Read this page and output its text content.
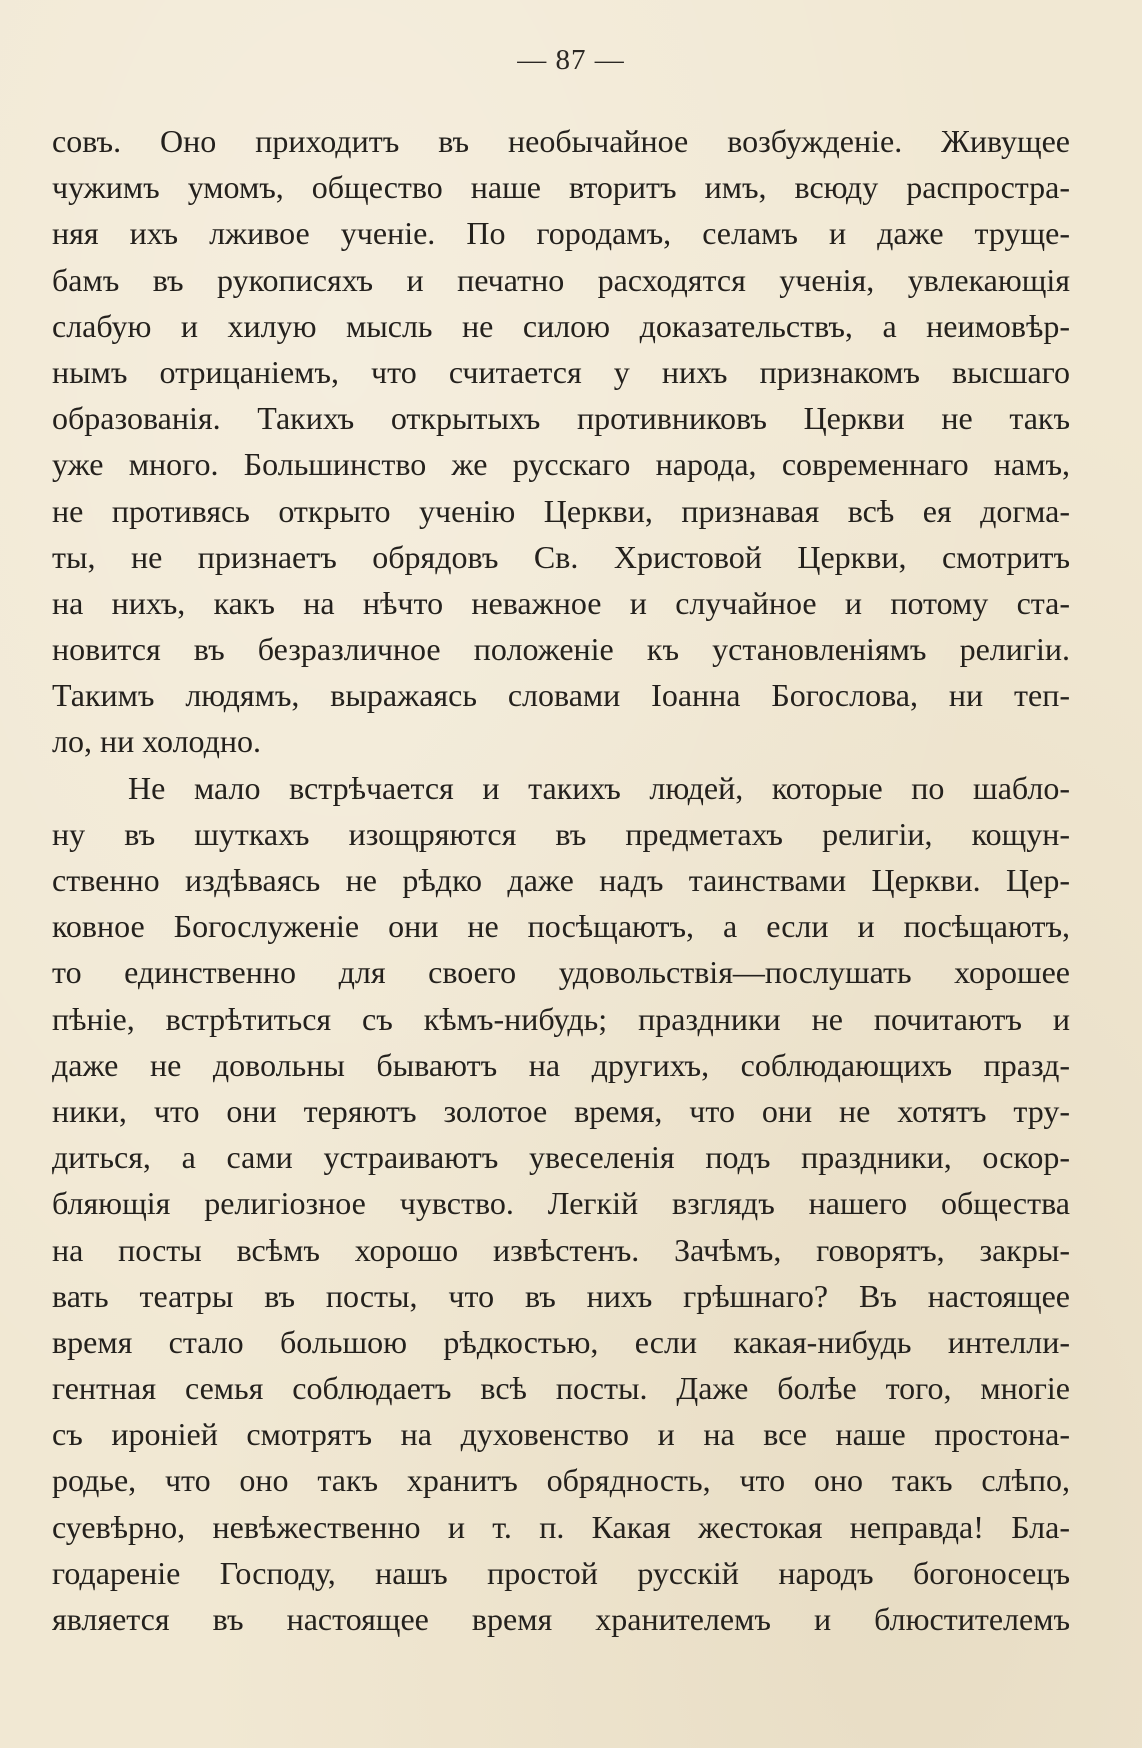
— 87 —
совъ. Оно приходитъ въ необычайное возбужденіе. Живущее
чужимъ умомъ, общество наше вторитъ имъ, всюду распростра-
няя ихъ лживое ученіе. По городамъ, селамъ и даже трущe-
бамъ въ рукописяхъ и печатно расходятся ученія, увлекающія
слабую и хилую мысль не силою доказательствъ, а неимовѣр-
нымъ отрицаніемъ, что считается у нихъ признакомъ высшаго
образованія. Такихъ открытыхъ противниковъ Церкви не такъ
уже много. Большинство же русскаго народа, современнаго намъ,
не противясь открыто ученію Церкви, признавая всѣ ея догма-
ты, не признаетъ обрядовъ Св. Христовой Церкви, смотритъ
на нихъ, какъ на нѣчто неважное и случайное и потому ста-
новится въ безразличное положеніе къ установленіямъ религіи.
Такимъ людямъ, выражаясь словами Іоанна Богослова, ни теп-
ло, ни холодно.
Не мало встрѣчается и такихъ людей, которые по шабло-
ну въ шуткахъ изощряются въ предметахъ религіи, кощун-
ственно издѣваясь не рѣдко даже надъ таинствами Церкви. Цер-
ковное Богослуженіе они не посѣщаютъ, а если и посѣщаютъ,
то единственно для своего удовольствія—послушать хорошее
пѣніе, встрѣтиться съ кѣмъ-нибудь; праздники не почитаютъ и
даже не довольны бываютъ на другихъ, соблюдающихъ празд-
ники, что они теряютъ золотое время, что они не хотятъ тру-
диться, а сами устраиваютъ увеселенія подъ праздники, оскор-
бляющія религіозное чувство. Легкій взглядъ нашего общества
на посты всѣмъ хорошо извѣстенъ. Зачѣмъ, говорятъ, закры-
вать театры въ посты, что въ нихъ грѣшнаго? Въ настоящее
время стало большою рѣдкостью, если какая-нибудь интелли-
гентная семья соблюдаетъ всѣ посты. Даже болѣе того, многіе
съ ироніей смотрятъ на духовенство и на все наше простона-
родье, что оно такъ хранитъ обрядность, что оно такъ слѣпо,
суевѣрно, невѣжественно и т. п. Какая жестокая неправда! Бла-
годареніе Господу, нашъ простой русскій народъ богоносецъ
является въ настоящее время хранителемъ и блюстителемъ
